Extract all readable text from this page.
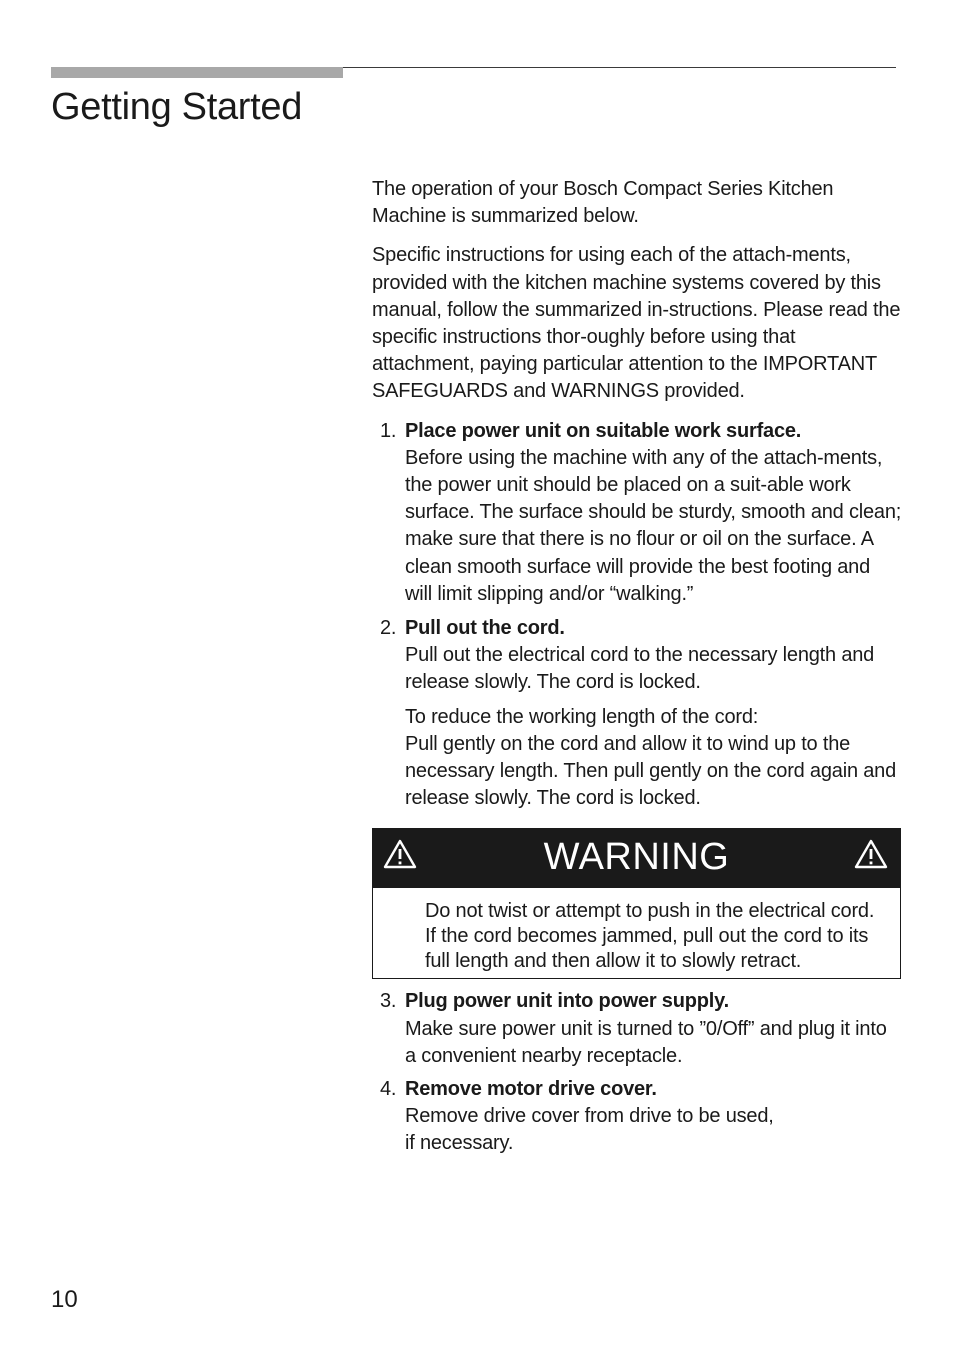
Getting Started

The operation of your Bosch Compact Series Kitchen Machine is summarized below.

Specific instructions for using each of the attach-ments, provided with the kitchen machine systems covered by this manual, follow the summarized in-structions. Please read the specific instructions thor-oughly before using that attachment, paying particular attention to the IMPORTANT SAFEGUARDS and WARNINGS provided.

1. Place power unit on suitable work surface.
Before using the machine with any of the attach-ments, the power unit should be placed on a suit-able work surface. The surface should be sturdy, smooth and clean; make sure that there is no flour or oil on the surface. A clean smooth surface will provide the best footing and will limit slipping and/or “walking.”
2. Pull out the cord.
Pull out the electrical cord to the necessary length and release slowly. The cord is locked.
To reduce the working length of the cord:
Pull gently on the cord and allow it to wind up to the necessary length. Then pull gently on the cord again and release slowly. The cord is locked.
WARNING
Do not twist or attempt to push in the electrical cord. If the cord becomes jammed, pull out the cord to its full length and then allow it to slowly retract.
3. Plug power unit into power supply.
Make sure power unit is turned to ”0/Off” and plug it into a convenient nearby receptacle.
4. Remove motor drive cover.
Remove drive cover from drive to be used,
if necessary.
10
